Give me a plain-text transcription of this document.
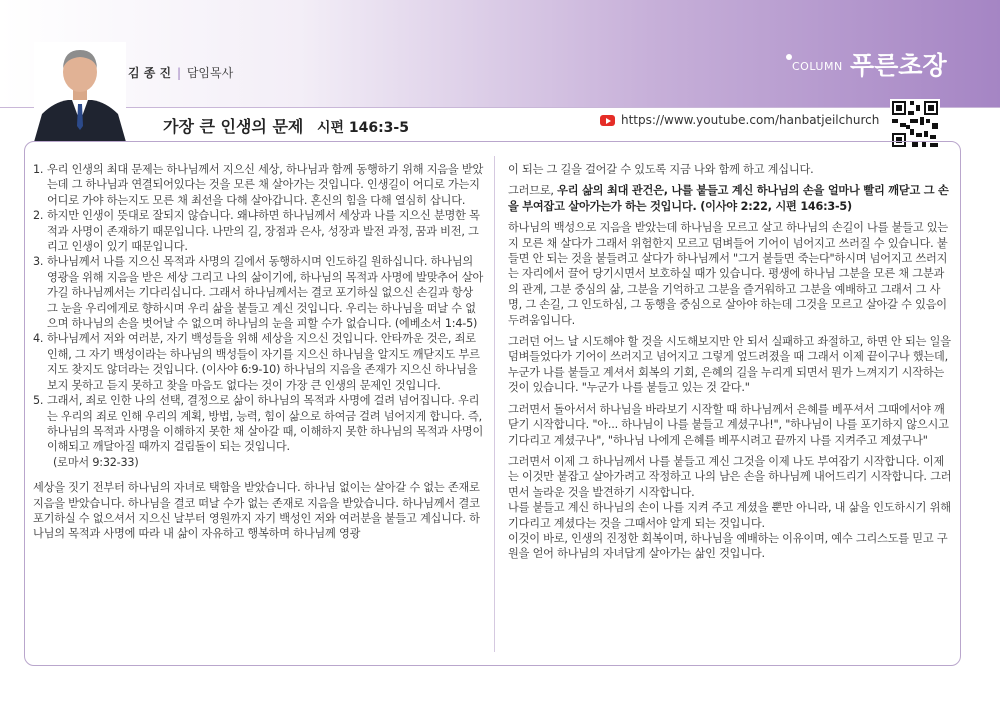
김 종 진 | 담임목사	COLUMN 푸른초장
가장 큰 인생의 문제 시편 146:3-5	https://www.youtube.com/hanbatjeilchurch
1. 우리 인생의 최대 문제는 하나님께서 지으신 세상, 하나님과 함께 동행하기 위해 지음을 받았는데 그 하나님과 연결되어있다는 것을 모른 채 살아가는 것입니다. 인생길이 어디로 가는지 어디로 가야 하는지도 모른 채 최선을 다해 살아갑니다. 혼신의 힘을 다해 열심히 삽니다.
2. 하지만 인생이 뜻대로 잘되지 않습니다. 왜냐하면 하나님께서 세상과 나를 지으신 분명한 목적과 사명이 존재하기 때문입니다. 나만의 길, 장점과 은사, 성장과 발전 과정, 꿈과 비전, 그리고 인생이 있기 때문입니다.
3. 하나님께서 나를 지으신 목적과 사명의 길에서 동행하시며 인도하길 원하십니다. 하나님의 영광을 위해 지음을 받은 세상 그리고 나의 삶이기에, 하나님의 목적과 사명에 발맞추어 살아가길 하나님께서는 기다리십니다. 그래서 하나님께서는 결코 포기하실 없으신 손길과 항상 그 눈을 우리에게로 향하시며 우리 삶을 붙들고 계신 것입니다. 우리는 하나님을 떠날 수 없으며 하나님의 손을 벗어날 수 없으며 하나님의 눈을 피할 수가 없습니다. (에베소서 1:4-5)
4. 하나님께서 저와 여러분, 자기 백성들을 위해 세상을 지으신 것입니다. 안타까운 것은, 죄로 인해, 그 자기 백성이라는 하나님의 백성들이 자기를 지으신 하나님을 알지도 깨닫지도 부르지도 찾지도 않더라는 것입니다. (이사야 6:9-10) 하나님의 지음을 존재가 지으신 하나님을 보지 못하고 듣지 못하고 찾을 마음도 없다는 것이 가장 큰 인생의 문제인 것입니다.
5. 그래서, 죄로 인한 나의 선택, 결정으로 삶이 하나님의 목적과 사명에 걸려 넘어집니다. 우리는 우리의 죄로 인해 우리의 계획, 방법, 능력, 힘이 삶으로 하여금 걸려 넘어지게 합니다. 즉, 하나님의 목적과 사명을 이해하지 못한 채 살아갈 때, 이해하지 못한 하나님의 목적과 사명이 이해되고 깨달아질 때까지 걸림돌이 되는 것입니다.
(로마서 9:32-33)
세상을 짓기 전부터 하나님의 자녀로 택함을 받았습니다. 하나님 없이는 살아갈 수 없는 존재로 지음을 받았습니다. 하나님을 결코 떠날 수가 없는 존재로 지음을 받았습니다. 하나님께서 결코 포기하실 수 없으셔서 지으신 날부터 영원까지 자기 백성인 저와 여러분을 붙들고 계십니다. 하나님의 목적과 사명에 따라 내 삶이 자유하고 행복하며 하나님께 영광
이 되는 그 길을 걸어갈 수 있도록 지금 나와 함께 하고 계십니다.
그러므로, 우리 삶의 최대 관건은, 나를 붙들고 계신 하나님의 손을 얼마나 빨리 깨닫고 그 손을 부여잡고 살아가는가 하는 것입니다. (이사야 2:22, 시편 146:3-5)
하나님의 백성으로 지음을 받았는데 하나님을 모르고 살고 하나님의 손길이 나를 붙들고 있는지 모른 채 살다가 그래서 위험한지 모르고 덤벼들어 기어이 넘어지고 쓰러질 수 있습니다. 붙들면 안 되는 것을 붙들려고 살다가 하나님께서 "그거 붙들면 죽는다"하시며 넘어지고 쓰러지는 자리에서 끌어 당기시면서 보호하실 때가 있습니다. 평생에 하나님 그분을 모른 채 그분과의 관계, 그분 중심의 삶, 그분을 기억하고 그분을 즐거워하고 그분을 예배하고 그래서 그 사명, 그 손길, 그 인도하심, 그 동행을 중심으로 살아야 하는데 그것을 모르고 살아갈 수 있음이 두려움입니다.
그러던 어느 날 시도해야 할 것을 시도해보지만 안 되서 실패하고 좌절하고, 하면 안 되는 일을 덤벼들었다가 기어이 쓰러지고 넘어지고 그렇게 엎드려졌을 때 그래서 이제 끝이구나 했는데, 누군가 나를 붙들고 계셔서 회복의 기회, 은혜의 길을 누리게 되면서 뭔가 느껴지기 시작하는 것이 있습니다. "누군가 나를 붙들고 있는 것 같다."
그러면서 돌아서서 하나님을 바라보기 시작할 때 하나님께서 은혜를 베푸셔서 그때에서야 깨닫기 시작합니다. "아... 하나님이 나를 붙들고 계셨구나!", "하나님이 나를 포기하지 않으시고 기다리고 계셨구나", "하나님 나에게 은혜를 베푸시려고 끝까지 나를 지켜주고 계셨구나"
그러면서 이제 그 하나님께서 나를 붙들고 계신 그것을 이제 나도 부여잡기 시작합니다. 이제는 이것만 붙잡고 살아가려고 작정하고 나의 남은 손을 하나님께 내어드리기 시작합니다. 그러면서 놀라운 것을 발견하기 시작합니다.
나를 붙들고 계신 하나님의 손이 나를 지켜 주고 계셨을 뿐만 아니라, 내 삶을 인도하시기 위해 기다리고 계셨다는 것을 그때서야 알게 되는 것입니다.
이것이 바로, 인생의 진정한 회복이며, 하나님을 예배하는 이유이며, 예수 그리스도를 믿고 구원을 얻어 하나님의 자녀답게 살아가는 삶인 것입니다.
